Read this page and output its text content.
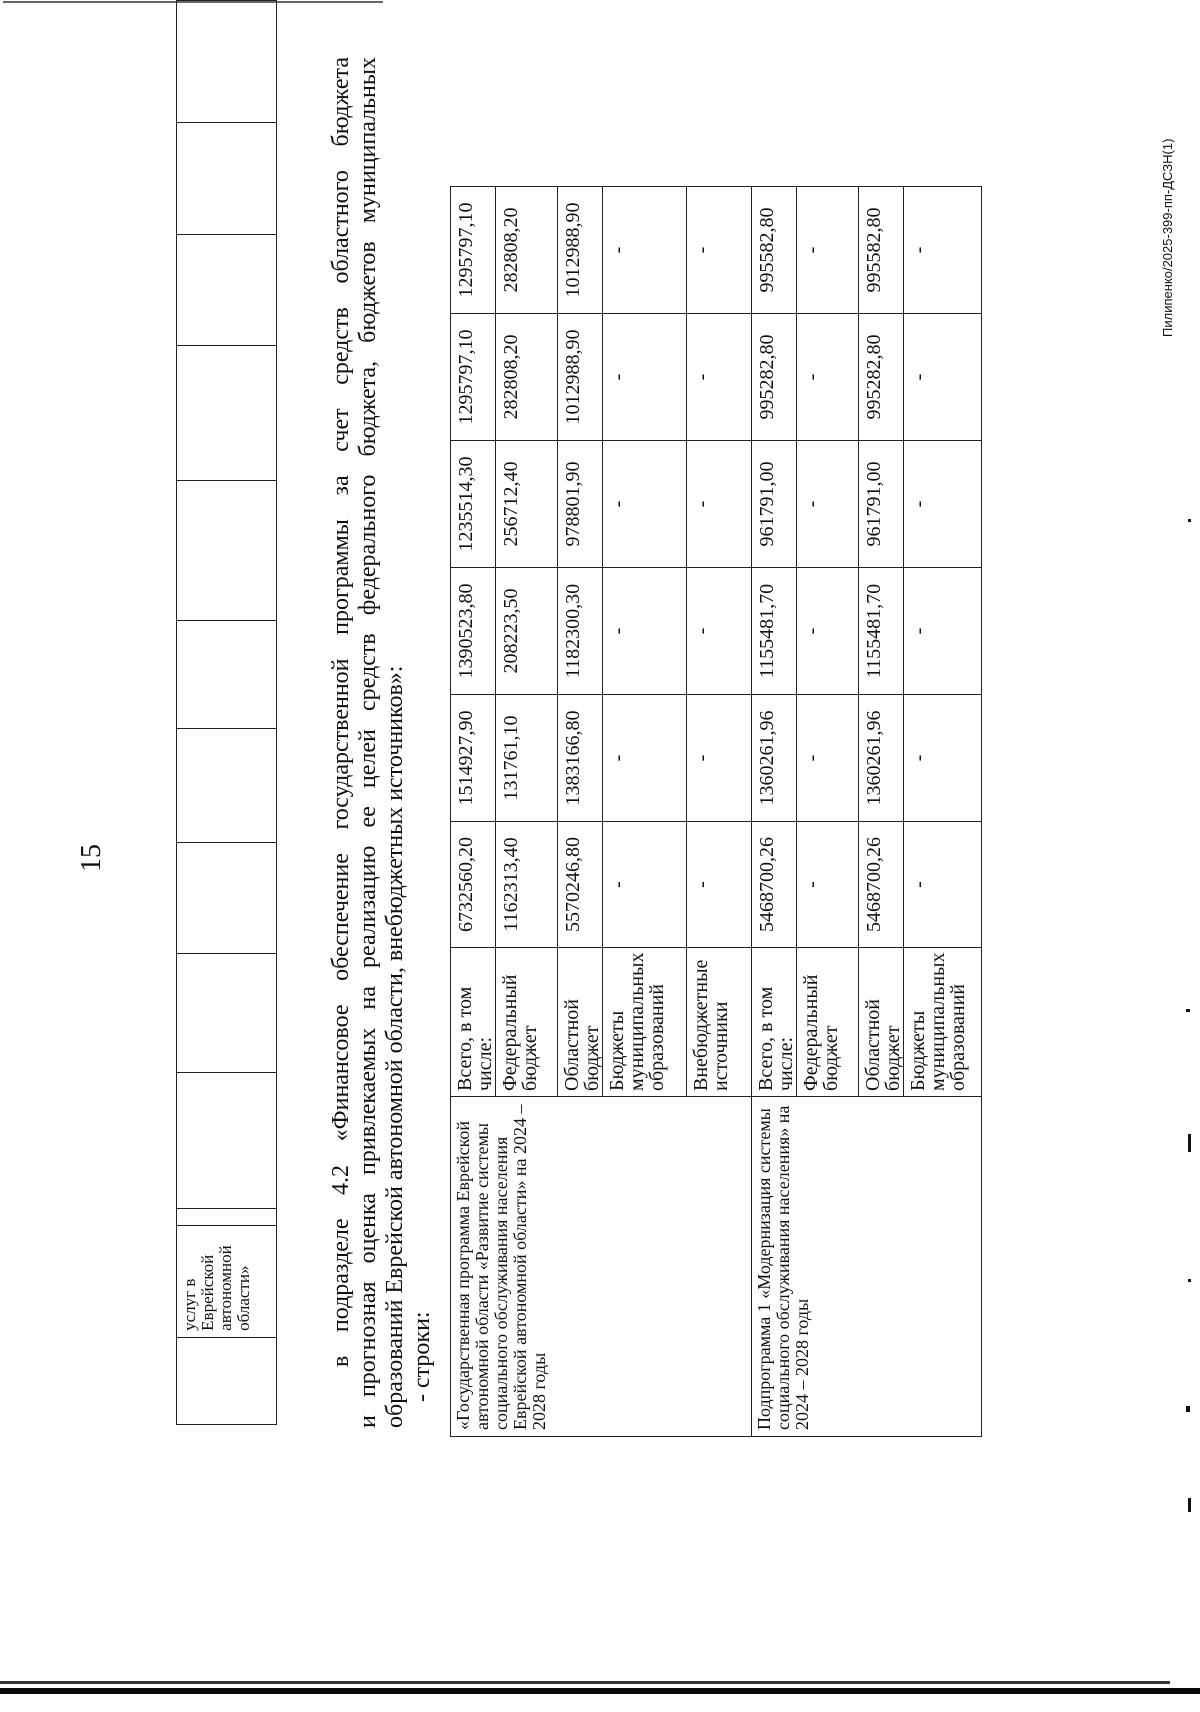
15
	услуг в Еврейской автономной области»												в подразделе 4.2 «Финансовое обеспечение государственной программы за счет средств областного бюджета и прогнозная оценка привлекаемых на реализацию ее целей средств федерального бюджета, бюджетов муниципальных образований Еврейской автономной области, внебюджетных источников»: - строки: «Государственная программа Еврейской автономной области «Развитие системы социального обслуживания населения Еврейской автономной области» на 2024 – 2028 годы	Всего, в том числе:	6732560,20	1514927,90	1390523,80	1235514,30	1295797,10	1295797,10
	Федеральный бюджет	1162313,40	131761,10	208223,50	256712,40	282808,20	282808,20
	Областной бюджет	5570246,80	1383166,80	1182300,30	978801,90	1012988,90	1012988,90
	Бюджеты муниципальных образований	-	-	-	-	-	-
	Внебюджетные источники	-	-	-	-	-	-
Подпрограмма 1 «Модернизация системы социального обслуживания населения» на 2024 – 2028 годы	Всего, в том числе:	5468700,26	1360261,96	1155481,70	961791,00	995282,80	995582,80
	Федеральный бюджет	-	-	-	-	-	-
	Областной бюджет	5468700,26	1360261,96	1155481,70	961791,00	995282,80	995582,80
	Бюджеты муниципальных образований	-	-	-	-	-	-	Пилипенко/2025-399-пп-ДСЗН(1)
